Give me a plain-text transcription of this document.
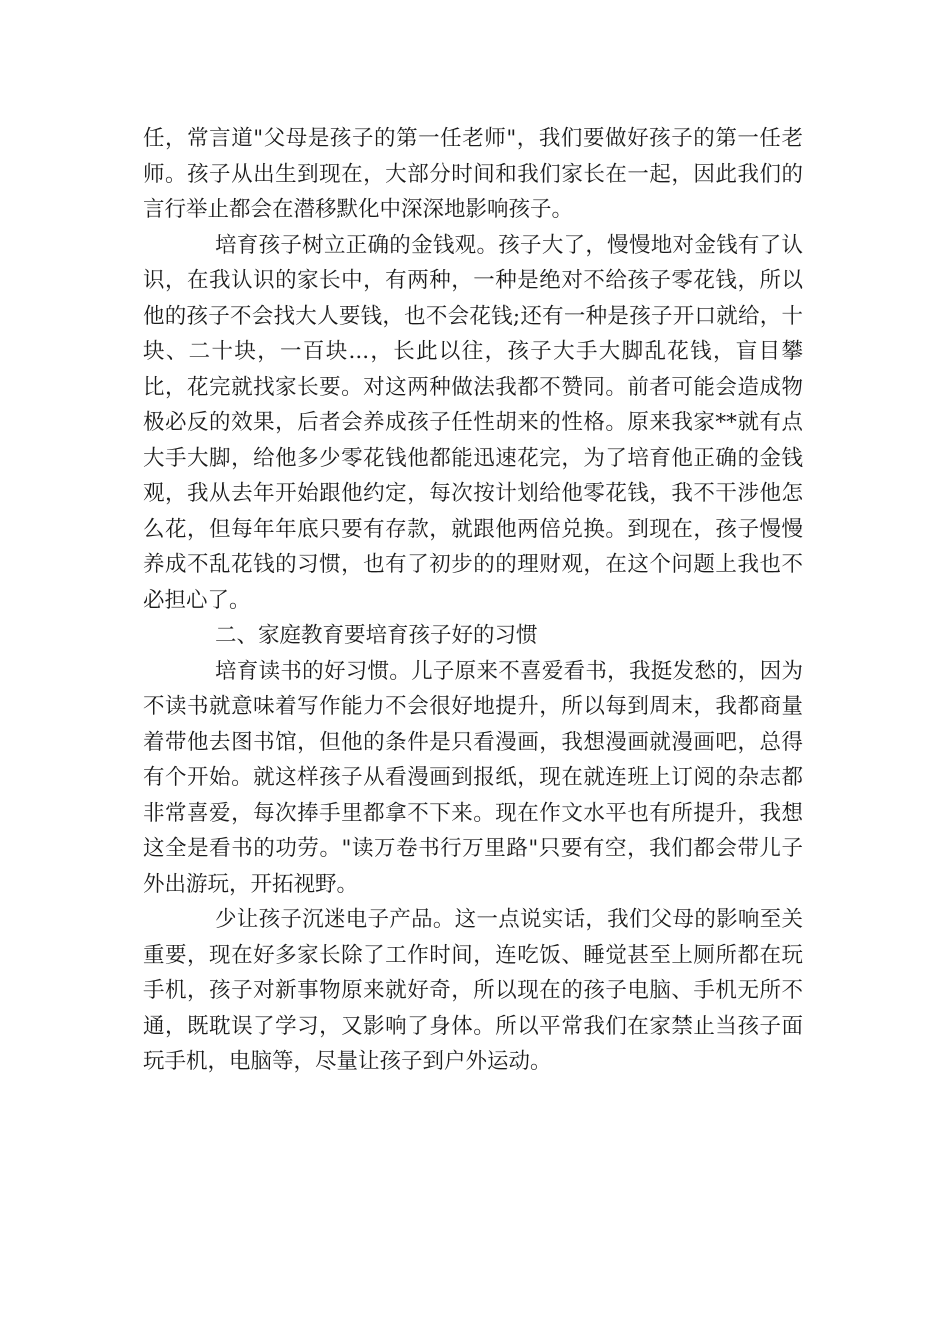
任，常言道"父母是孩子的第一任老师"，我们要做好孩子的第一任老师。孩子从出生到现在，大部分时间和我们家长在一起，因此我们的言行举止都会在潜移默化中深深地影响孩子。

培育孩子树立正确的金钱观。孩子大了，慢慢地对金钱有了认识，在我认识的家长中，有两种，一种是绝对不给孩子零花钱，所以他的孩子不会找大人要钱，也不会花钱;还有一种是孩子开口就给，十块、二十块，一百块...，长此以往，孩子大手大脚乱花钱，盲目攀比，花完就找家长要。对这两种做法我都不赞同。前者可能会造成物极必反的效果，后者会养成孩子任性胡来的性格。原来我家**就有点大手大脚，给他多少零花钱他都能迅速花完，为了培育他正确的金钱观，我从去年开始跟他约定，每次按计划给他零花钱，我不干涉他怎么花，但每年年底只要有存款，就跟他两倍兑换。到现在，孩子慢慢养成不乱花钱的习惯，也有了初步的的理财观，在这个问题上我也不必担心了。

二、家庭教育要培育孩子好的习惯

培育读书的好习惯。儿子原来不喜爱看书，我挺发愁的，因为不读书就意味着写作能力不会很好地提升，所以每到周末，我都商量着带他去图书馆，但他的条件是只看漫画，我想漫画就漫画吧，总得有个开始。就这样孩子从看漫画到报纸，现在就连班上订阅的杂志都非常喜爱，每次捧手里都拿不下来。现在作文水平也有所提升，我想这全是看书的功劳。"读万卷书行万里路"只要有空，我们都会带儿子外出游玩，开拓视野。

少让孩子沉迷电子产品。这一点说实话，我们父母的影响至关重要，现在好多家长除了工作时间，连吃饭、睡觉甚至上厕所都在玩手机，孩子对新事物原来就好奇，所以现在的孩子电脑、手机无所不通，既耽误了学习，又影响了身体。所以平常我们在家禁止当孩子面玩手机，电脑等，尽量让孩子到户外运动。
